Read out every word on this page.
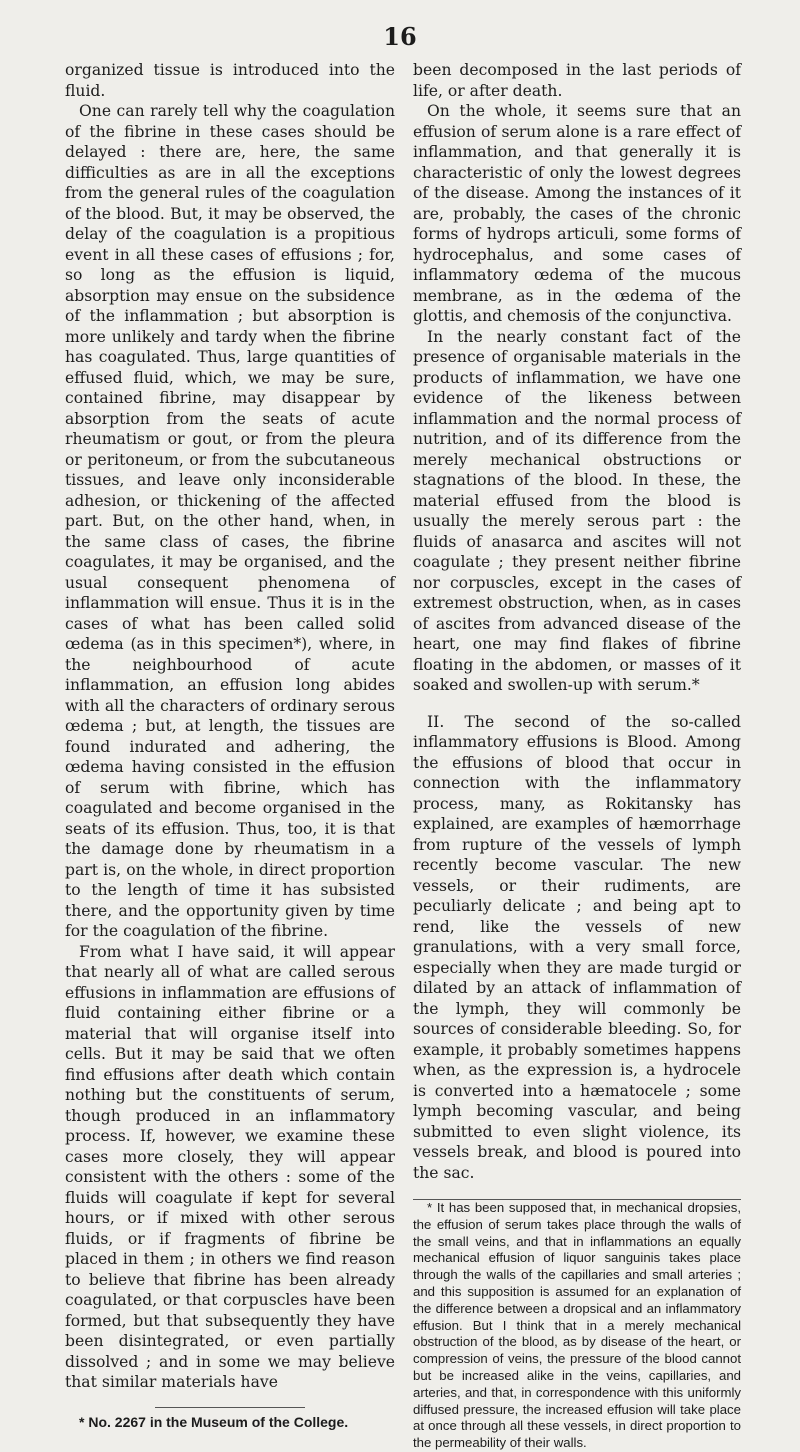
16

organized tissue is introduced into the fluid.

One can rarely tell why the coagulation of the fibrine in these cases should be delayed : there are, here, the same difficulties as are in all the exceptions from the general rules of the coagulation of the blood. But, it may be observed, the delay of the coagulation is a propitious event in all these cases of effusions ; for, so long as the effusion is liquid, absorption may ensue on the subsidence of the inflammation ; but absorption is more unlikely and tardy when the fibrine has coagulated. Thus, large quantities of effused fluid, which, we may be sure, contained fibrine, may disappear by absorption from the seats of acute rheumatism or gout, or from the pleura or peritoneum, or from the subcutaneous tissues, and leave only inconsiderable adhesion, or thickening of the affected part. But, on the other hand, when, in the same class of cases, the fibrine coagulates, it may be organised, and the usual consequent phenomena of inflammation will ensue. Thus it is in the cases of what has been called solid œdema (as in this specimen*), where, in the neighbourhood of acute inflammation, an effusion long abides with all the characters of ordinary serous œdema ; but, at length, the tissues are found indurated and adhering, the œdema having consisted in the effusion of serum with fibrine, which has coagulated and become organised in the seats of its effusion. Thus, too, it is that the damage done by rheumatism in a part is, on the whole, in direct proportion to the length of time it has subsisted there, and the opportunity given by time for the coagulation of the fibrine.

From what I have said, it will appear that nearly all of what are called serous effusions in inflammation are effusions of fluid containing either fibrine or a material that will organise itself into cells. But it may be said that we often find effusions after death which contain nothing but the constituents of serum, though produced in an inflammatory process. If, however, we examine these cases more closely, they will appear consistent with the others : some of the fluids will coagulate if kept for several hours, or if mixed with other serous fluids, or if fragments of fibrine be placed in them ; in others we find reason to believe that fibrine has been already coagulated, or that corpuscles have been formed, but that subsequently they have been disintegrated, or even partially dissolved ; and in some we may believe that similar materials have

* No. 2267 in the Museum of the College.

been decomposed in the last periods of life, or after death.

On the whole, it seems sure that an effusion of serum alone is a rare effect of inflammation, and that generally it is characteristic of only the lowest degrees of the disease. Among the instances of it are, probably, the cases of the chronic forms of hydrops articuli, some forms of hydrocephalus, and some cases of inflammatory œdema of the mucous membrane, as in the œdema of the glottis, and chemosis of the conjunctiva.

In the nearly constant fact of the presence of organisable materials in the products of inflammation, we have one evidence of the likeness between inflammation and the normal process of nutrition, and of its difference from the merely mechanical obstructions or stagnations of the blood. In these, the material effused from the blood is usually the merely serous part : the fluids of anasarca and ascites will not coagulate ; they present neither fibrine nor corpuscles, except in the cases of extremest obstruction, when, as in cases of ascites from advanced disease of the heart, one may find flakes of fibrine floating in the abdomen, or masses of it soaked and swollen-up with serum.*

II. The second of the so-called inflammatory effusions is Blood. Among the effusions of blood that occur in connection with the inflammatory process, many, as Rokitansky has explained, are examples of hæmorrhage from rupture of the vessels of lymph recently become vascular. The new vessels, or their rudiments, are peculiarly delicate ; and being apt to rend, like the vessels of new granulations, with a very small force, especially when they are made turgid or dilated by an attack of inflammation of the lymph, they will commonly be sources of considerable bleeding. So, for example, it probably sometimes happens when, as the expression is, a hydrocele is converted into a hæmatocele ; some lymph becoming vascular, and being submitted to even slight violence, its vessels break, and blood is poured into the sac.

* It has been supposed that, in mechanical dropsies, the effusion of serum takes place through the walls of the small veins, and that in inflammations an equally mechanical effusion of liquor sanguinis takes place through the walls of the capillaries and small arteries ; and this supposition is assumed for an explanation of the difference between a dropsical and an inflammatory effusion. But I think that in a merely mechanical obstruction of the blood, as by disease of the heart, or compression of veins, the pressure of the blood cannot but be increased alike in the veins, capillaries, and arteries, and that, in correspondence with this uniformly diffused pressure, the increased effusion will take place at once through all these vessels, in direct proportion to the permeability of their walls.
